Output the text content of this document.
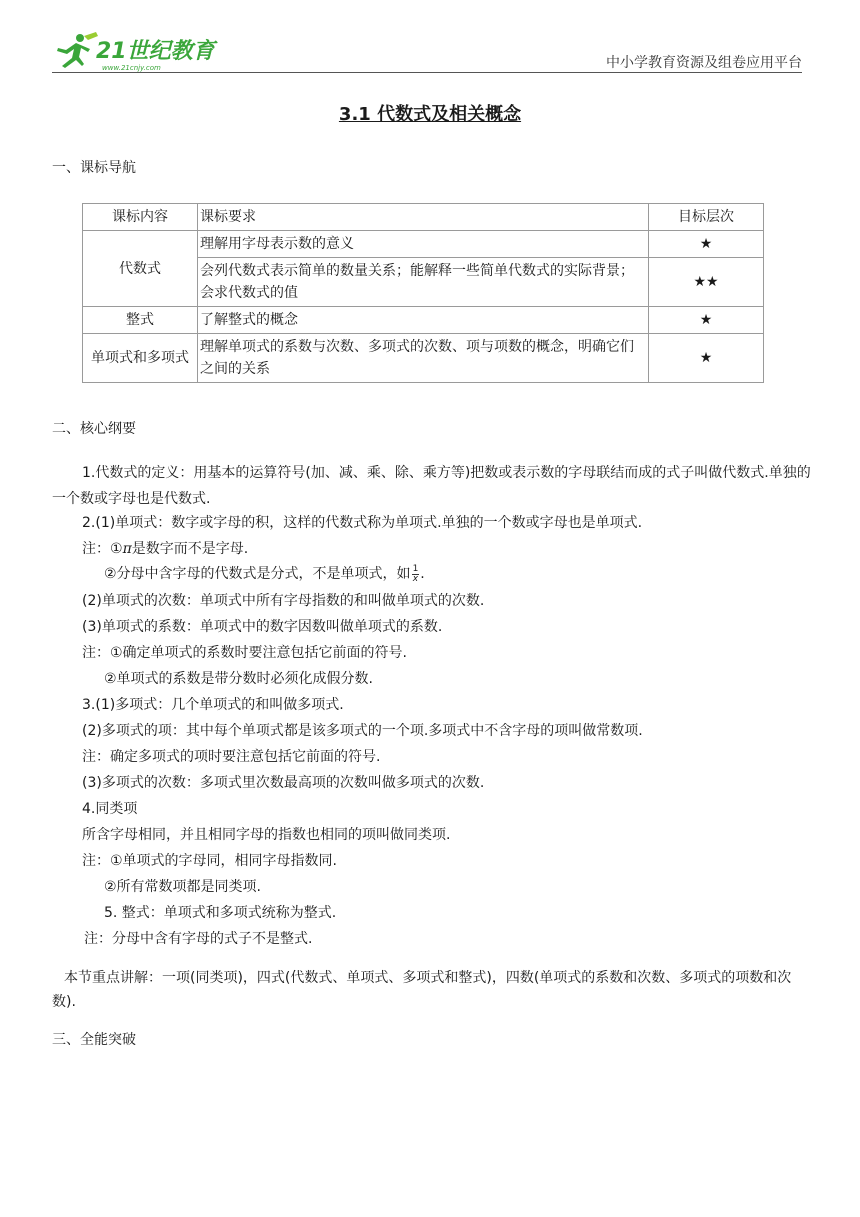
21世纪教育
www.21cnjy.com	中小学教育资源及组卷应用平台
3.1 代数式及相关概念
一、课标导航
课标内容	课标要求	目标层次
代数式	理解用字母表示数的意义	★
	会列代数式表示简单的数量关系；能解释一些简单代数式的实际背景；会求代数式的值	★★
整式	了解整式的概念	★
单项式和多项式	理解单项式的系数与次数、多项式的次数、项与项数的概念，明确它们之间的关系	★
二、核心纲要
1.代数式的定义：用基本的运算符号(加、减、乘、除、乘方等)把数或表示数的字母联结而成的式子叫做代数式.单独的一个数或字母也是代数式.
2.(1)单项式：数字或字母的积，这样的代数式称为单项式.单独的一个数或字母也是单项式.
注：①π是数字而不是字母.
②分母中含字母的代数式是分式，不是单项式，如 $\frac{1}{x}$ .
(2)单项式的次数：单项式中所有字母指数的和叫做单项式的次数.
(3)单项式的系数：单项式中的数字因数叫做单项式的系数.
注：①确定单项式的系数时要注意包括它前面的符号.
②单项式的系数是带分数时必须化成假分数.
3.(1)多项式：几个单项式的和叫做多项式.
(2)多项式的项：其中每个单项式都是该多项式的一个项.多项式中不含字母的项叫做常数项.
注：确定多项式的项时要注意包括它前面的符号.
(3)多项式的次数：多项式里次数最高项的次数叫做多项式的次数.
4.同类项
所含字母相同，并且相同字母的指数也相同的项叫做同类项.
注：①单项式的字母同，相同字母指数同.
②所有常数项都是同类项.
5. 整式：单项式和多项式统称为整式.
注：分母中含有字母的式子不是整式.
本节重点讲解：一项(同类项)，四式(代数式、单项式、多项式和整式)，四数(单项式的系数和次数、多项式的项数和次数).
三、全能突破
